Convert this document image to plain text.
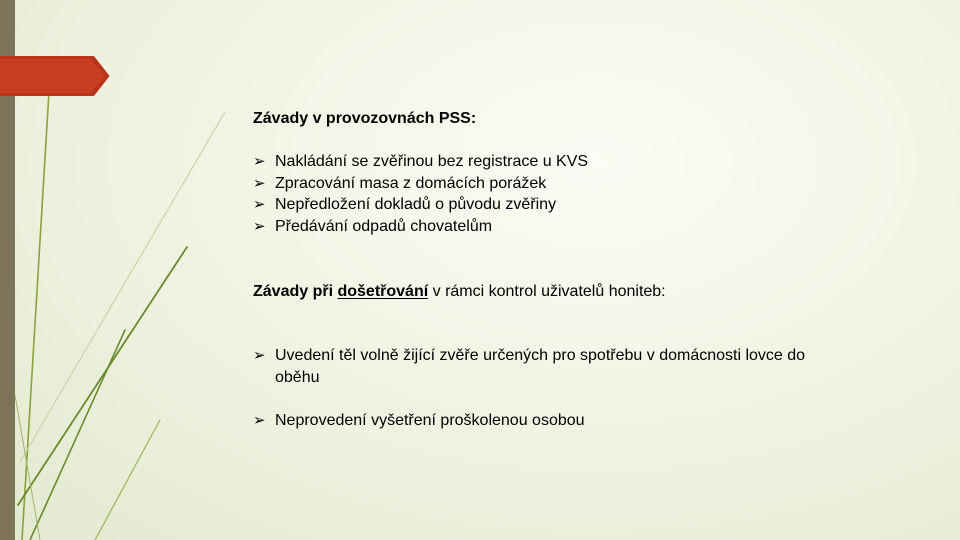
Závady v provozovnách PSS:
➢ Nakládání se zvěřinou bez registrace u KVS
➢ Zpracování masa z domácích porážek
➢ Nepředložení dokladů o původu zvěřiny
➢ Předávání odpadů chovatelům
Závady při došetřování v rámci kontrol uživatelů honiteb:
➢ Uvedení těl volně žijící zvěře určených pro spotřebu v domácnosti lovce do oběhu
➢ Neprovedení vyšetření proškolenou osobou
